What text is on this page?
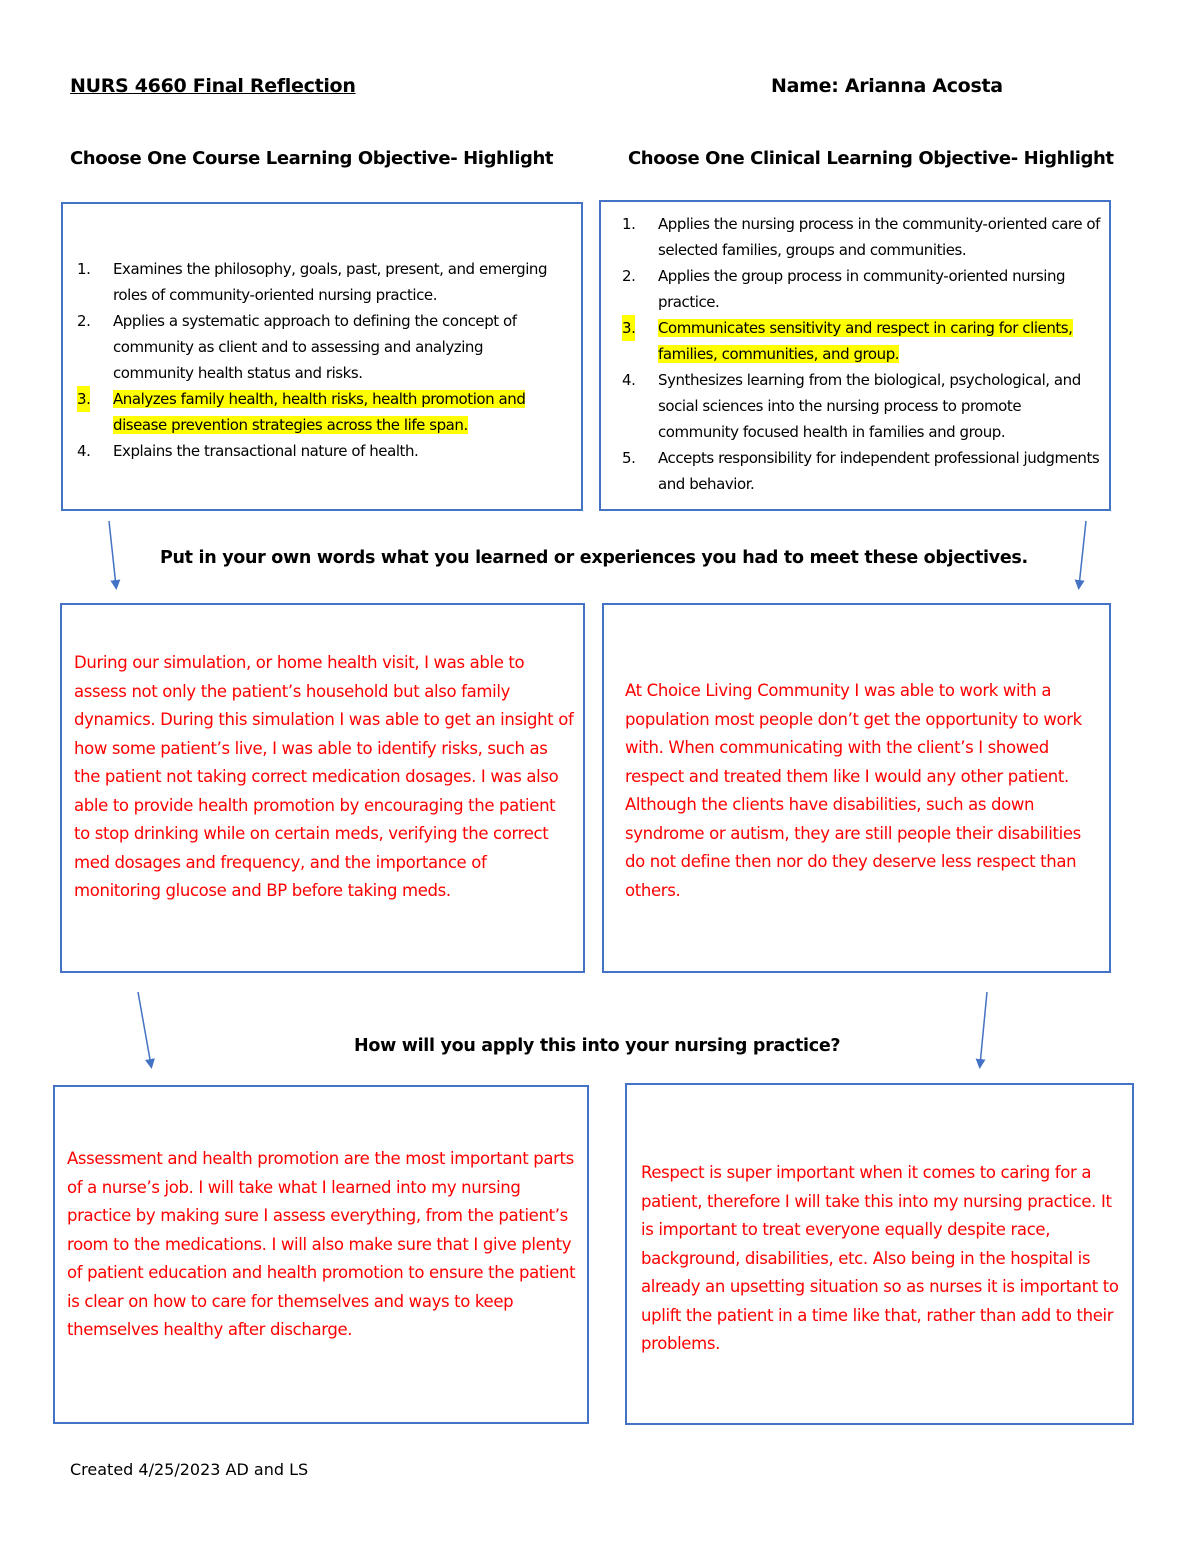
NURS 4660 Final Reflection	Name: Arianna Acosta
Choose One Course Learning Objective- Highlight	Choose One Clinical Learning Objective- Highlight
1. Examines the philosophy, goals, past, present, and emerging roles of community-oriented nursing practice.
2. Applies a systematic approach to defining the concept of community as client and to assessing and analyzing community health status and risks.
3. Analyzes family health, health risks, health promotion and disease prevention strategies across the life span.
4. Explains the transactional nature of health.
1. Applies the nursing process in the community-oriented care of selected families, groups and communities.
2. Applies the group process in community-oriented nursing practice.
3. Communicates sensitivity and respect in caring for clients, families, communities, and group.
4. Synthesizes learning from the biological, psychological, and social sciences into the nursing process to promote community focused health in families and group.
5. Accepts responsibility for independent professional judgments and behavior.
Put in your own words what you learned or experiences you had to meet these objectives.
During our simulation, or home health visit, I was able to assess not only the patient’s household but also family dynamics. During this simulation I was able to get an insight of how some patient’s live, I was able to identify risks, such as the patient not taking correct medication dosages. I was also able to provide health promotion by encouraging the patient to stop drinking while on certain meds, verifying the correct med dosages and frequency, and the importance of monitoring glucose and BP before taking meds.
At Choice Living Community I was able to work with a population most people don’t get the opportunity to work with. When communicating with the client’s I showed respect and treated them like I would any other patient. Although the clients have disabilities, such as down syndrome or autism, they are still people their disabilities do not define then nor do they deserve less respect than others.
How will you apply this into your nursing practice?
Assessment and health promotion are the most important parts of a nurse’s job. I will take what I learned into my nursing practice by making sure I assess everything, from the patient’s room to the medications. I will also make sure that I give plenty of patient education and health promotion to ensure the patient is clear on how to care for themselves and ways to keep themselves healthy after discharge.
Respect is super important when it comes to caring for a patient, therefore I will take this into my nursing practice. It is important to treat everyone equally despite race, background, disabilities, etc. Also being in the hospital is already an upsetting situation so as nurses it is important to uplift the patient in a time like that, rather than add to their problems.
Created 4/25/2023 AD and LS
